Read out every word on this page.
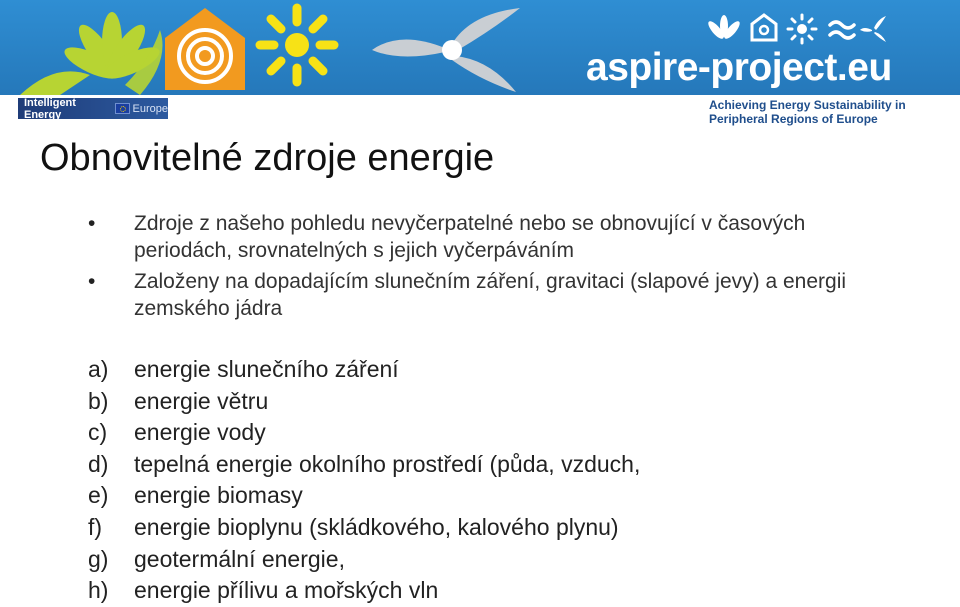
aspire-project.eu
Intelligent Energy	Europe	Achieving Energy Sustainability in
Peripheral Regions of Europe
Obnovitelné zdroje energie
• Zdroje z našeho pohledu nevyčerpatelné nebo se obnovující v časových periodách, srovnatelných s jejich vyčerpáváním
• Založeny na dopadajícím slunečním záření, gravitaci (slapové jevy) a energii zemského jádra
a) energie slunečního záření
b) energie větru
c) energie vody
d) tepelná energie okolního prostředí (půda, vzduch,
e) energie biomasy
f) energie bioplynu (skládkového, kalového plynu)
g) geotermální energie,
h) energie přílivu a mořských vln
